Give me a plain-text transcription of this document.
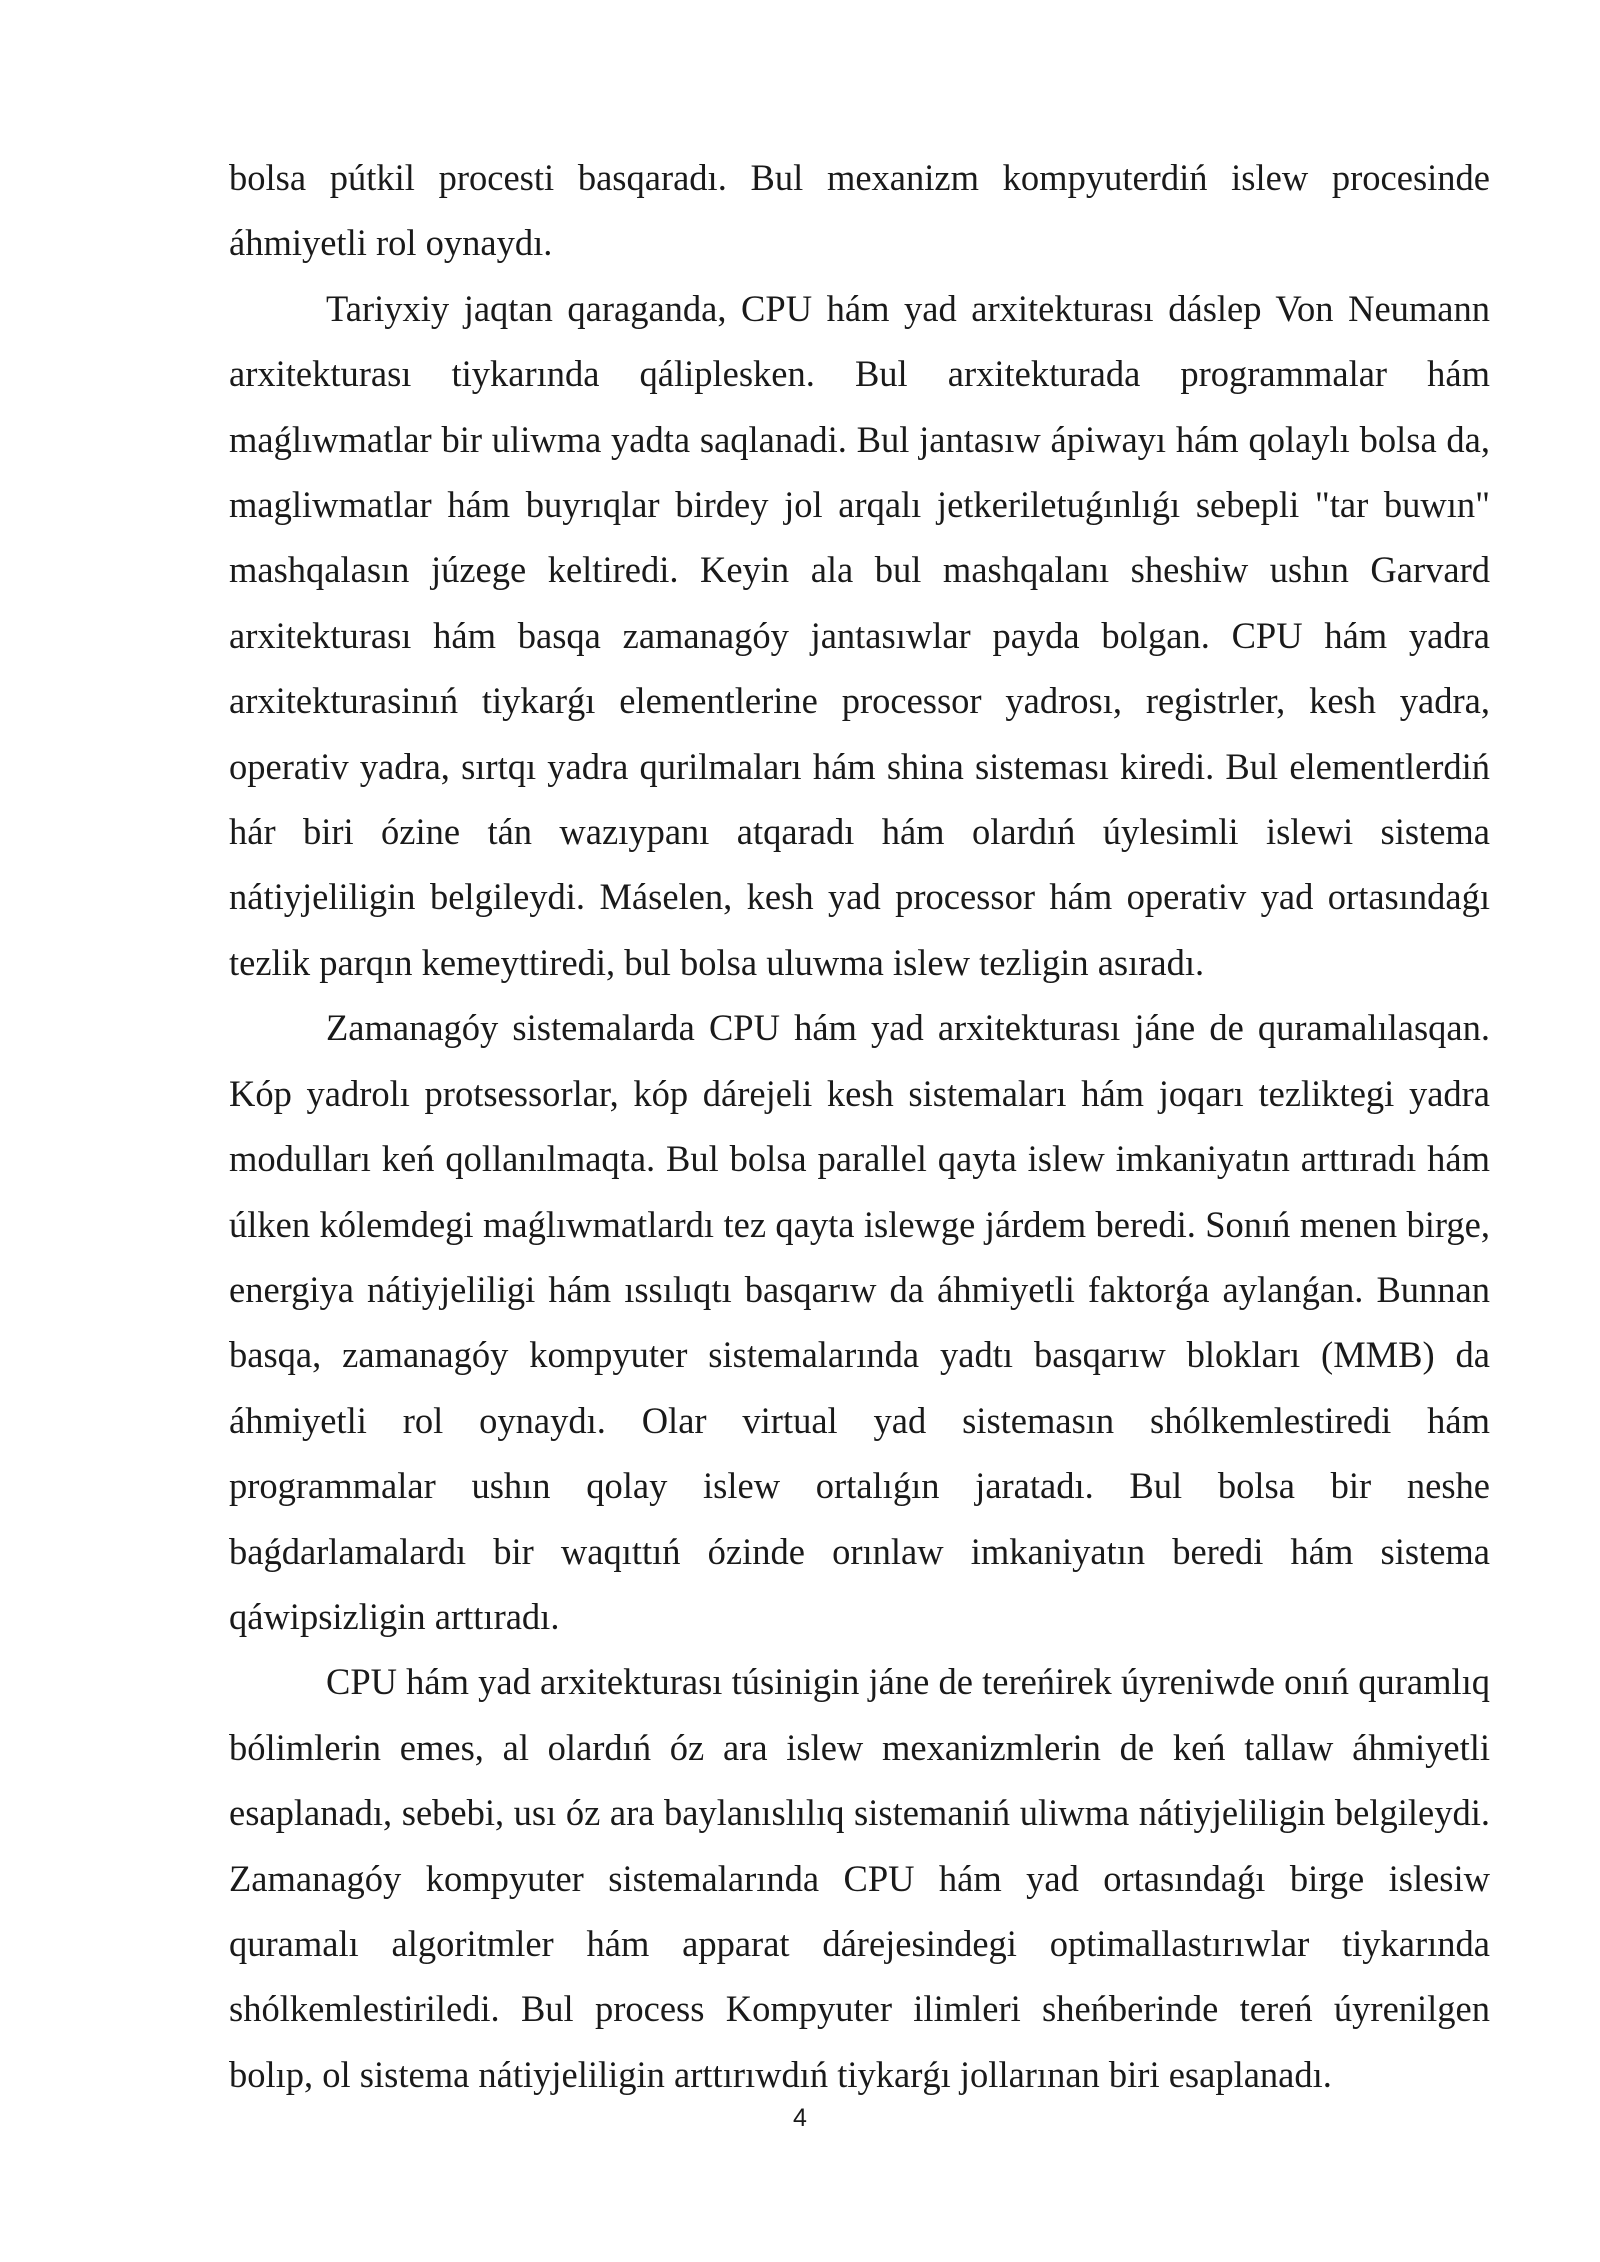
bolsa pútkil procesti basqaradı. Bul mexanizm kompyuterdiń islew procesinde áhmiyetli rol oynaydı.

Tariyxiy jaqtan qaraganda, CPU hám yad arxitekturası dáslep Von Neumann arxitekturası tiykarında qáliplesken. Bul arxitekturada programmalar hám maǵlıwmatlar bir uliwma yadta saqlanadi. Bul jantasıw ápiwayı hám qolaylı bolsa da, magliwmatlar hám buyrıqlar birdey jol arqalı jetkeriletuǵınlıǵı sebepli "tar buwın" mashqalasın júzege keltiredi. Keyin ala bul mashqalanı sheshiw ushın Garvard arxitekturası hám basqa zamanagóy jantasıwlar payda bolgan. CPU hám yadra arxitekturasinıń tiykarǵı elementlerine processor yadrosı, registrler, kesh yadra, operativ yadra, sırtqı yadra qurilmaları hám shina sisteması kiredi. Bul elementlerdiń hár biri ózine tán wazıypanı atqaradı hám olardıń úylesimli islewi sistema nátiyjeliligin belgileydi. Máselen, kesh yad processor hám operativ yad ortasındaǵı tezlik parqın kemeyttiredi, bul bolsa uluwma islew tezligin asıradı.

Zamanagóy sistemalarda CPU hám yad arxitekturası jáne de quramalılasqan. Kóp yadrolı protsessorlar, kóp dárejeli kesh sistemaları hám joqarı tezliktegi yadra modulları keń qollanılmaqta. Bul bolsa parallel qayta islew imkaniyatın arttıradı hám úlken kólemdegi maǵlıwmatlardı tez qayta islewge járdem beredi. Sonıń menen birge, energiya nátiyjeliligi hám ıssılıqtı basqarıw da áhmiyetli faktorǵa aylanǵan. Bunnan basqa, zamanagóy kompyuter sistemalarında yadtı basqarıw blokları (MMB) da áhmiyetli rol oynaydı. Olar virtual yad sistemasın shólkemlestiredi hám programmalar ushın qolay islew ortalıǵın jaratadı. Bul bolsa bir neshe baǵdarlamalardı bir waqıttıń ózinde orınlaw imkaniyatın beredi hám sistema qáwipsizligin arttıradı.

CPU hám yad arxitekturası túsinigin jáne de tereńirek úyreniwde onıń quramlıq bólimlerin emes, al olardıń óz ara islew mexanizmlerin de keń tallaw áhmiyetli esaplanadı, sebebi, usı óz ara baylanıslılıq sistemaniń uliwma nátiyjeliligin belgileydi. Zamanagóy kompyuter sistemalarında CPU hám yad ortasındaǵı birge islesiw quramalı algoritmler hám apparat dárejesindegi optimallastırıwlar tiykarında shólkemlestiriledi. Bul process Kompyuter ilimleri sheńberinde tereń úyrenilgen bolıp, ol sistema nátiyjeliligin arttırıwdıń tiykarǵı jollarınan biri esaplanadı.

4
